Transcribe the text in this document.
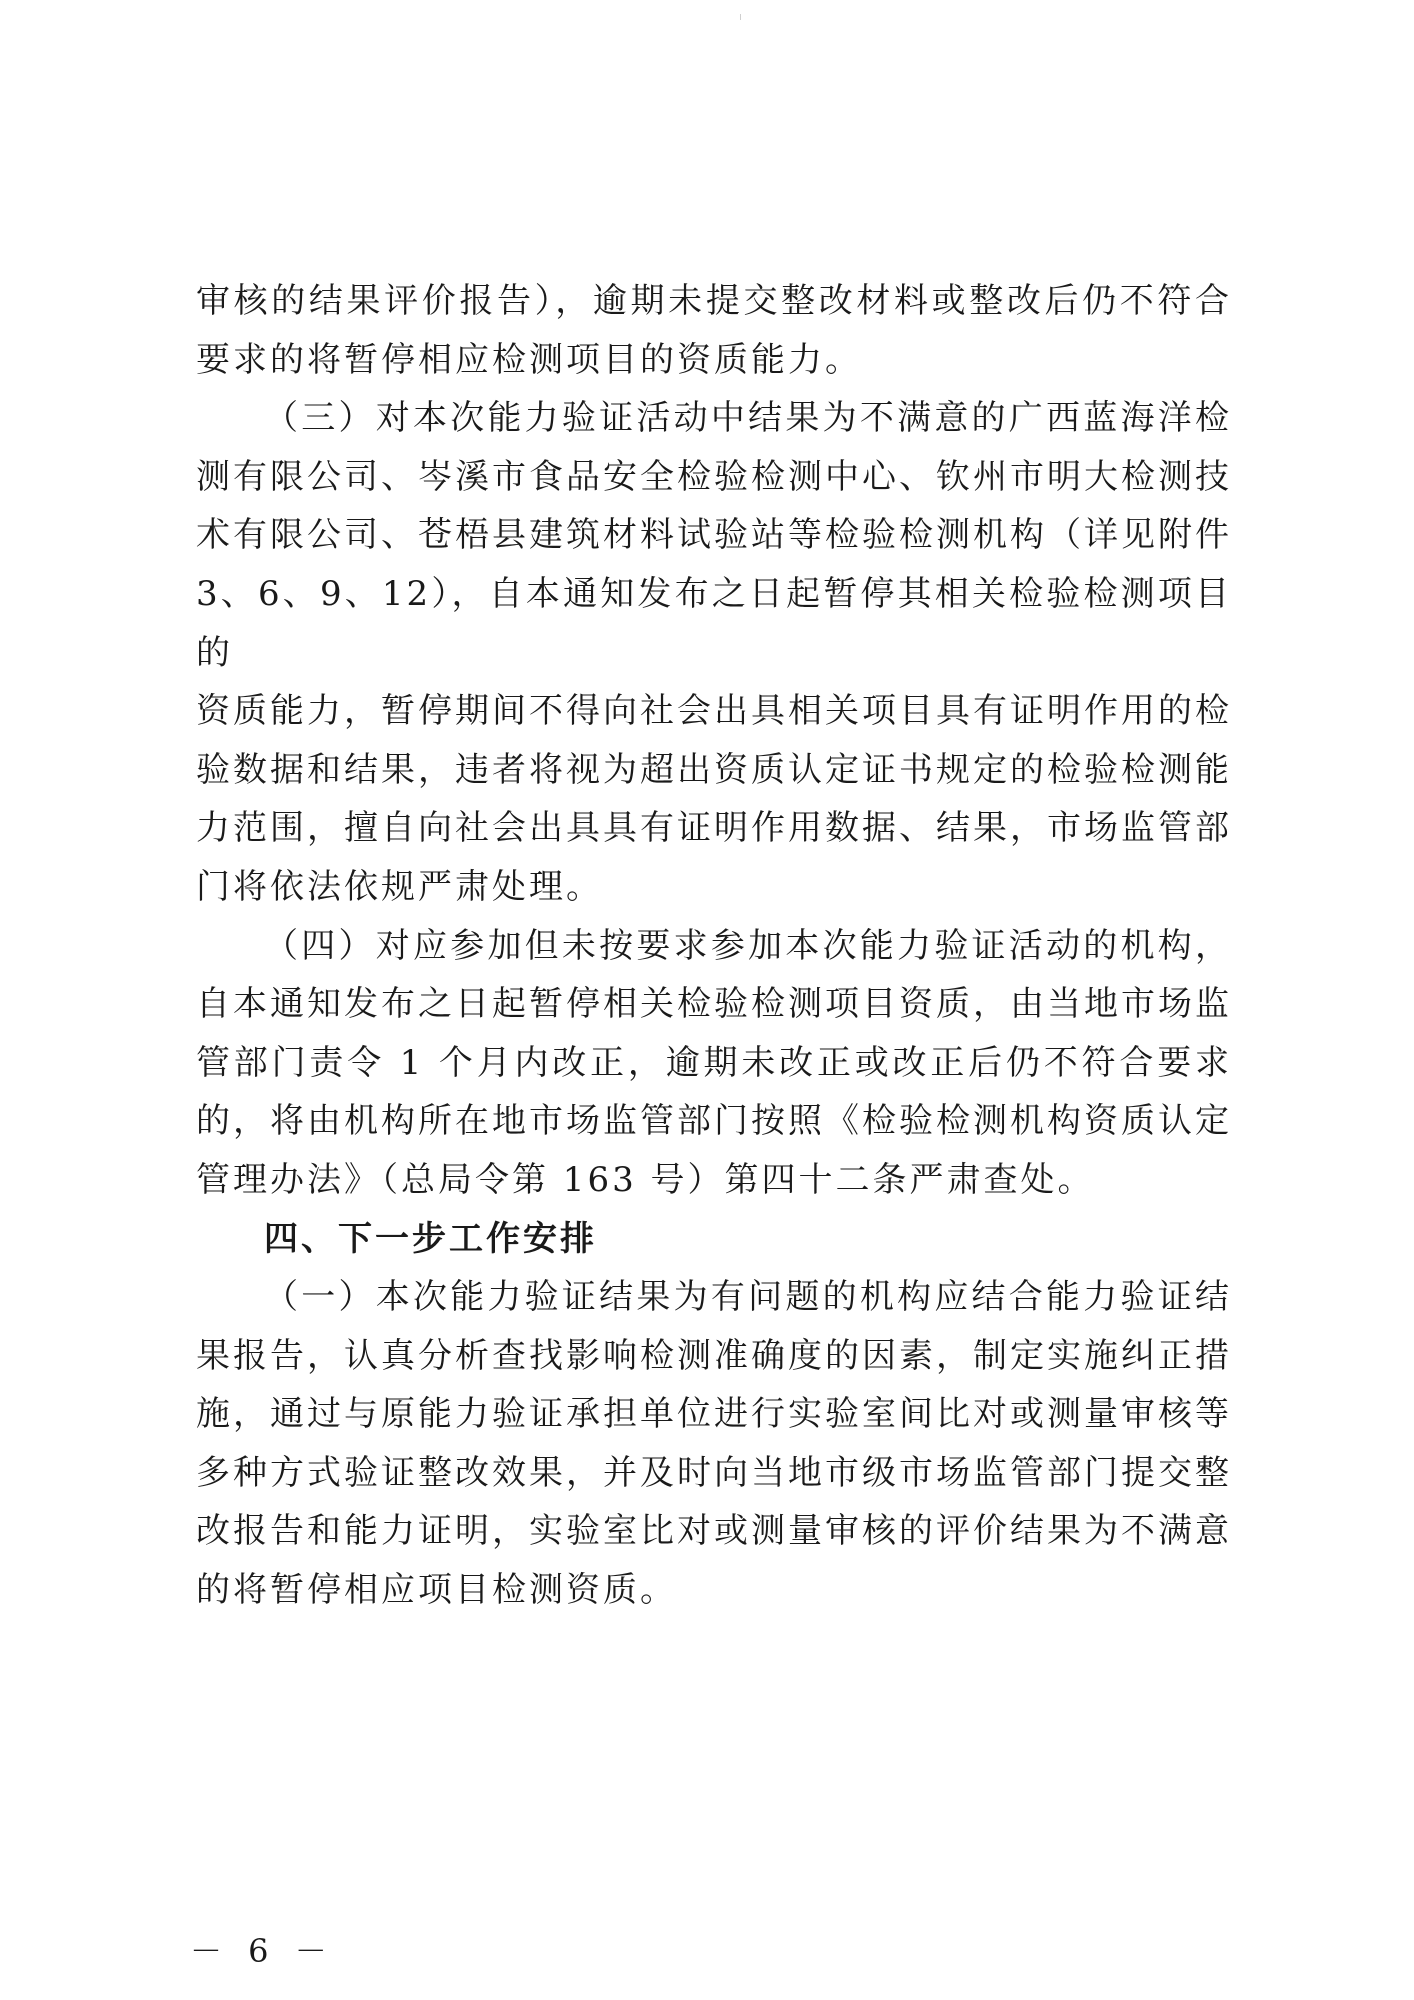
审核的结果评价报告），逾期未提交整改材料或整改后仍不符合
要求的将暂停相应检测项目的资质能力。

（三）对本次能力验证活动中结果为不满意的广西蓝海洋检
测有限公司、岑溪市食品安全检验检测中心、钦州市明大检测技
术有限公司、苍梧县建筑材料试验站等检验检测机构（详见附件
3、6、9、12），自本通知发布之日起暂停其相关检验检测项目的
资质能力，暂停期间不得向社会出具相关项目具有证明作用的检
验数据和结果，违者将视为超出资质认定证书规定的检验检测能
力范围，擅自向社会出具具有证明作用数据、结果，市场监管部
门将依法依规严肃处理。

（四）对应参加但未按要求参加本次能力验证活动的机构，
自本通知发布之日起暂停相关检验检测项目资质，由当地市场监
管部门责令 1 个月内改正，逾期未改正或改正后仍不符合要求
的，将由机构所在地市场监管部门按照《检验检测机构资质认定
管理办法》（总局令第 163 号）第四十二条严肃查处。

四、下一步工作安排

（一）本次能力验证结果为有问题的机构应结合能力验证结
果报告，认真分析查找影响检测准确度的因素，制定实施纠正措
施，通过与原能力验证承担单位进行实验室间比对或测量审核等
多种方式验证整改效果，并及时向当地市级市场监管部门提交整
改报告和能力证明，实验室比对或测量审核的评价结果为不满意
的将暂停相应项目检测资质。

－ 6 －
